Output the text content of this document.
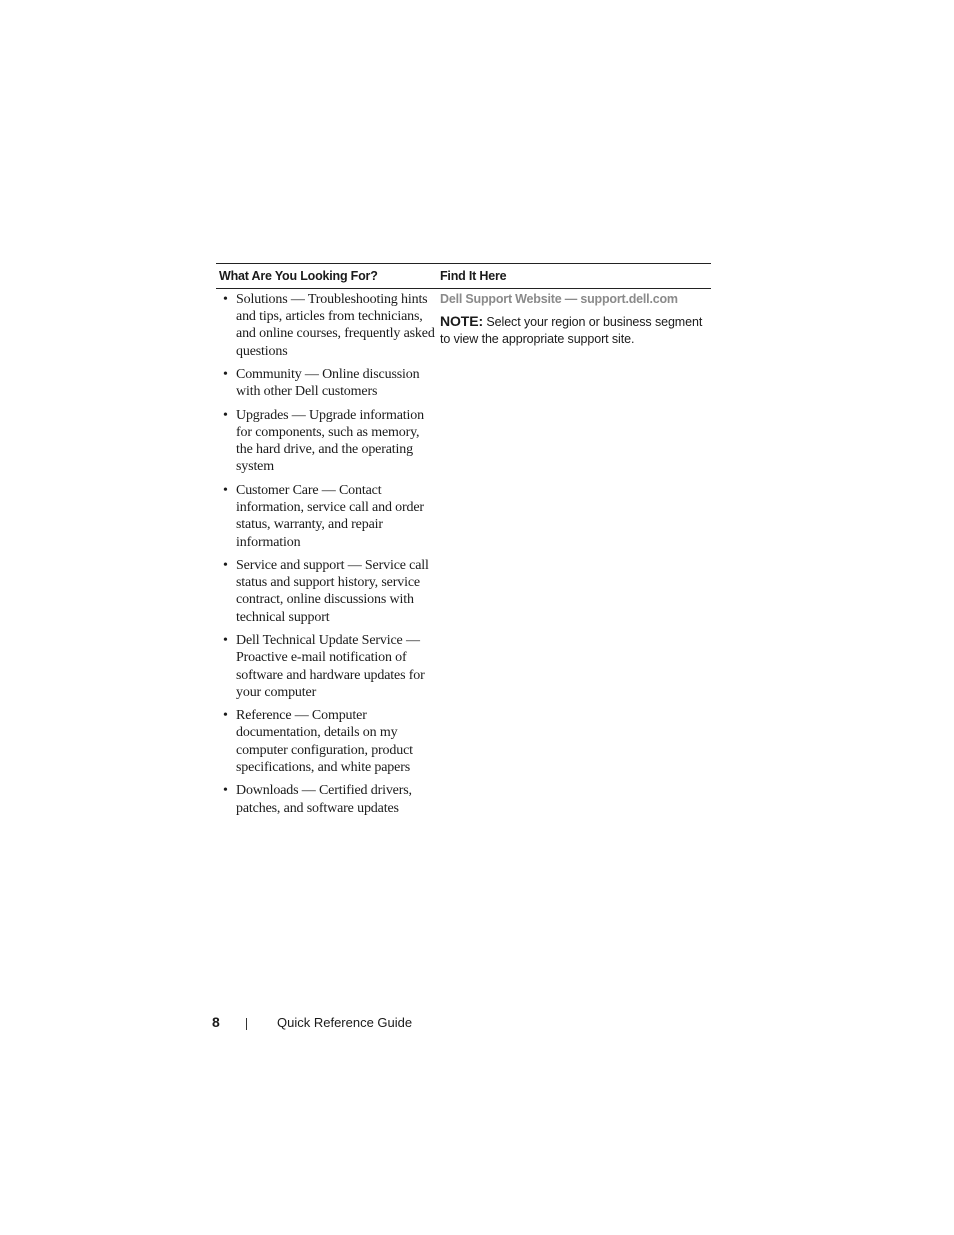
What Are You Looking For?	Find It Here
• Solutions — Troubleshooting hints and tips, articles from technicians, and online courses, frequently asked questions
• Community — Online discussion with other Dell customers
• Upgrades — Upgrade information for components, such as memory, the hard drive, and the operating system
• Customer Care — Contact information, service call and order status, warranty, and repair information
• Service and support — Service call status and support history, service contract, online discussions with technical support
• Dell Technical Update Service — Proactive e-mail notification of software and hardware updates for your computer
• Reference — Computer documentation, details on my computer configuration, product specifications, and white papers
• Downloads — Certified drivers, patches, and software updates
Dell Support Website — support.dell.com
NOTE: Select your region or business segment to view the appropriate support site.
8	Quick Reference Guide
